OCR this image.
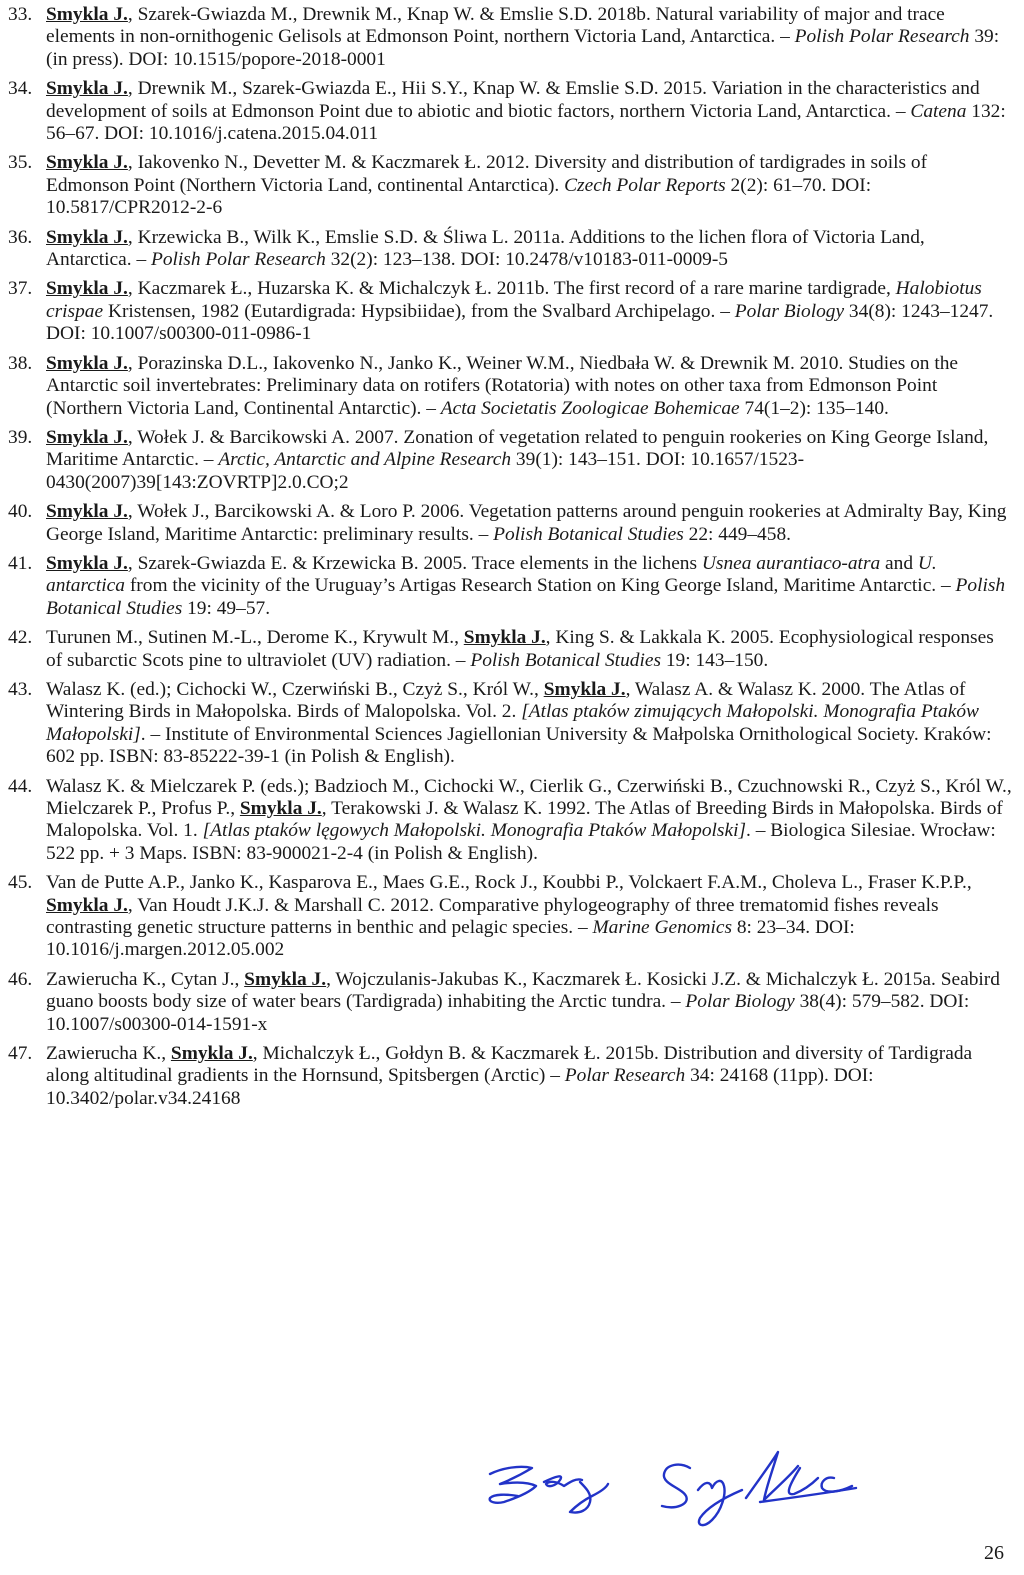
33. Smykla J., Szarek-Gwiazda M., Drewnik M., Knap W. & Emslie S.D. 2018b. Natural variability of major and trace elements in non-ornithogenic Gelisols at Edmonson Point, northern Victoria Land, Antarctica. – Polish Polar Research 39: (in press). DOI: 10.1515/popore-2018-0001
34. Smykla J., Drewnik M., Szarek-Gwiazda E., Hii S.Y., Knap W. & Emslie S.D. 2015. Variation in the characteristics and development of soils at Edmonson Point due to abiotic and biotic factors, northern Victoria Land, Antarctica. – Catena 132: 56–67. DOI: 10.1016/j.catena.2015.04.011
35. Smykla J., Iakovenko N., Devetter M. & Kaczmarek Ł. 2012. Diversity and distribution of tardigrades in soils of Edmonson Point (Northern Victoria Land, continental Antarctica). Czech Polar Reports 2(2): 61–70. DOI: 10.5817/CPR2012-2-6
36. Smykla J., Krzewicka B., Wilk K., Emslie S.D. & Śliwa L. 2011a. Additions to the lichen flora of Victoria Land, Antarctica. – Polish Polar Research 32(2): 123–138. DOI: 10.2478/v10183-011-0009-5
37. Smykla J., Kaczmarek Ł., Huzarska K. & Michalczyk Ł. 2011b. The first record of a rare marine tardigrade, Halobiotus crispae Kristensen, 1982 (Eutardigrada: Hypsibiidae), from the Svalbard Archipelago. – Polar Biology 34(8): 1243–1247. DOI: 10.1007/s00300-011-0986-1
38. Smykla J., Porazinska D.L., Iakovenko N., Janko K., Weiner W.M., Niedbała W. & Drewnik M. 2010. Studies on the Antarctic soil invertebrates: Preliminary data on rotifers (Rotatoria) with notes on other taxa from Edmonson Point (Northern Victoria Land, Continental Antarctic). – Acta Societatis Zoologicae Bohemicae 74(1–2): 135–140.
39. Smykla J., Wołek J. & Barcikowski A. 2007. Zonation of vegetation related to penguin rookeries on King George Island, Maritime Antarctic. – Arctic, Antarctic and Alpine Research 39(1): 143–151. DOI: 10.1657/1523-0430(2007)39[143:ZOVRTP]2.0.CO;2
40. Smykla J., Wołek J., Barcikowski A. & Loro P. 2006. Vegetation patterns around penguin rookeries at Admiralty Bay, King George Island, Maritime Antarctic: preliminary results. – Polish Botanical Studies 22: 449–458.
41. Smykla J., Szarek-Gwiazda E. & Krzewicka B. 2005. Trace elements in the lichens Usnea aurantiaco-atra and U. antarctica from the vicinity of the Uruguay’s Artigas Research Station on King George Island, Maritime Antarctic. – Polish Botanical Studies 19: 49–57.
42. Turunen M., Sutinen M.-L., Derome K., Krywult M., Smykla J., King S. & Lakkala K. 2005. Ecophysiological responses of subarctic Scots pine to ultraviolet (UV) radiation. – Polish Botanical Studies 19: 143–150.
43. Walasz K. (ed.); Cichocki W., Czerwiński B., Czyż S., Król W., Smykla J., Walasz A. & Walasz K. 2000. The Atlas of Wintering Birds in Małopolska. Birds of Malopolska. Vol. 2. [Atlas ptaków zimujących Małopolski. Monografia Ptaków Małopolski]. – Institute of Environmental Sciences Jagiellonian University & Małpolska Ornithological Society. Kraków: 602 pp. ISBN: 83-85222-39-1 (in Polish & English).
44. Walasz K. & Mielczarek P. (eds.); Badzioch M., Cichocki W., Cierlik G., Czerwiński B., Czuchnowski R., Czyż S., Król W., Mielczarek P., Profus P., Smykla J., Terakowski J. & Walasz K. 1992. The Atlas of Breeding Birds in Małopolska. Birds of Malopolska. Vol. 1. [Atlas ptaków lęgowych Małopolski. Monografia Ptaków Małopolski]. – Biologica Silesiae. Wrocław: 522 pp. + 3 Maps. ISBN: 83-900021-2-4 (in Polish & English).
45. Van de Putte A.P., Janko K., Kasparova E., Maes G.E., Rock J., Koubbi P., Volckaert F.A.M., Choleva L., Fraser K.P.P., Smykla J., Van Houdt J.K.J. & Marshall C. 2012. Comparative phylogeography of three trematomid fishes reveals contrasting genetic structure patterns in benthic and pelagic species. – Marine Genomics 8: 23–34. DOI: 10.1016/j.margen.2012.05.002
46. Zawierucha K., Cytan J., Smykla J., Wojczulanis-Jakubas K., Kaczmarek Ł. Kosicki J.Z. & Michalczyk Ł. 2015a. Seabird guano boosts body size of water bears (Tardigrada) inhabiting the Arctic tundra. – Polar Biology 38(4): 579–582. DOI: 10.1007/s00300-014-1591-x
47. Zawierucha K., Smykla J., Michalczyk Ł., Gołdyn B. & Kaczmarek Ł. 2015b. Distribution and diversity of Tardigrada along altitudinal gradients in the Hornsund, Spitsbergen (Arctic) – Polar Research 34: 24168 (11pp). DOI: 10.3402/polar.v34.24168
26
